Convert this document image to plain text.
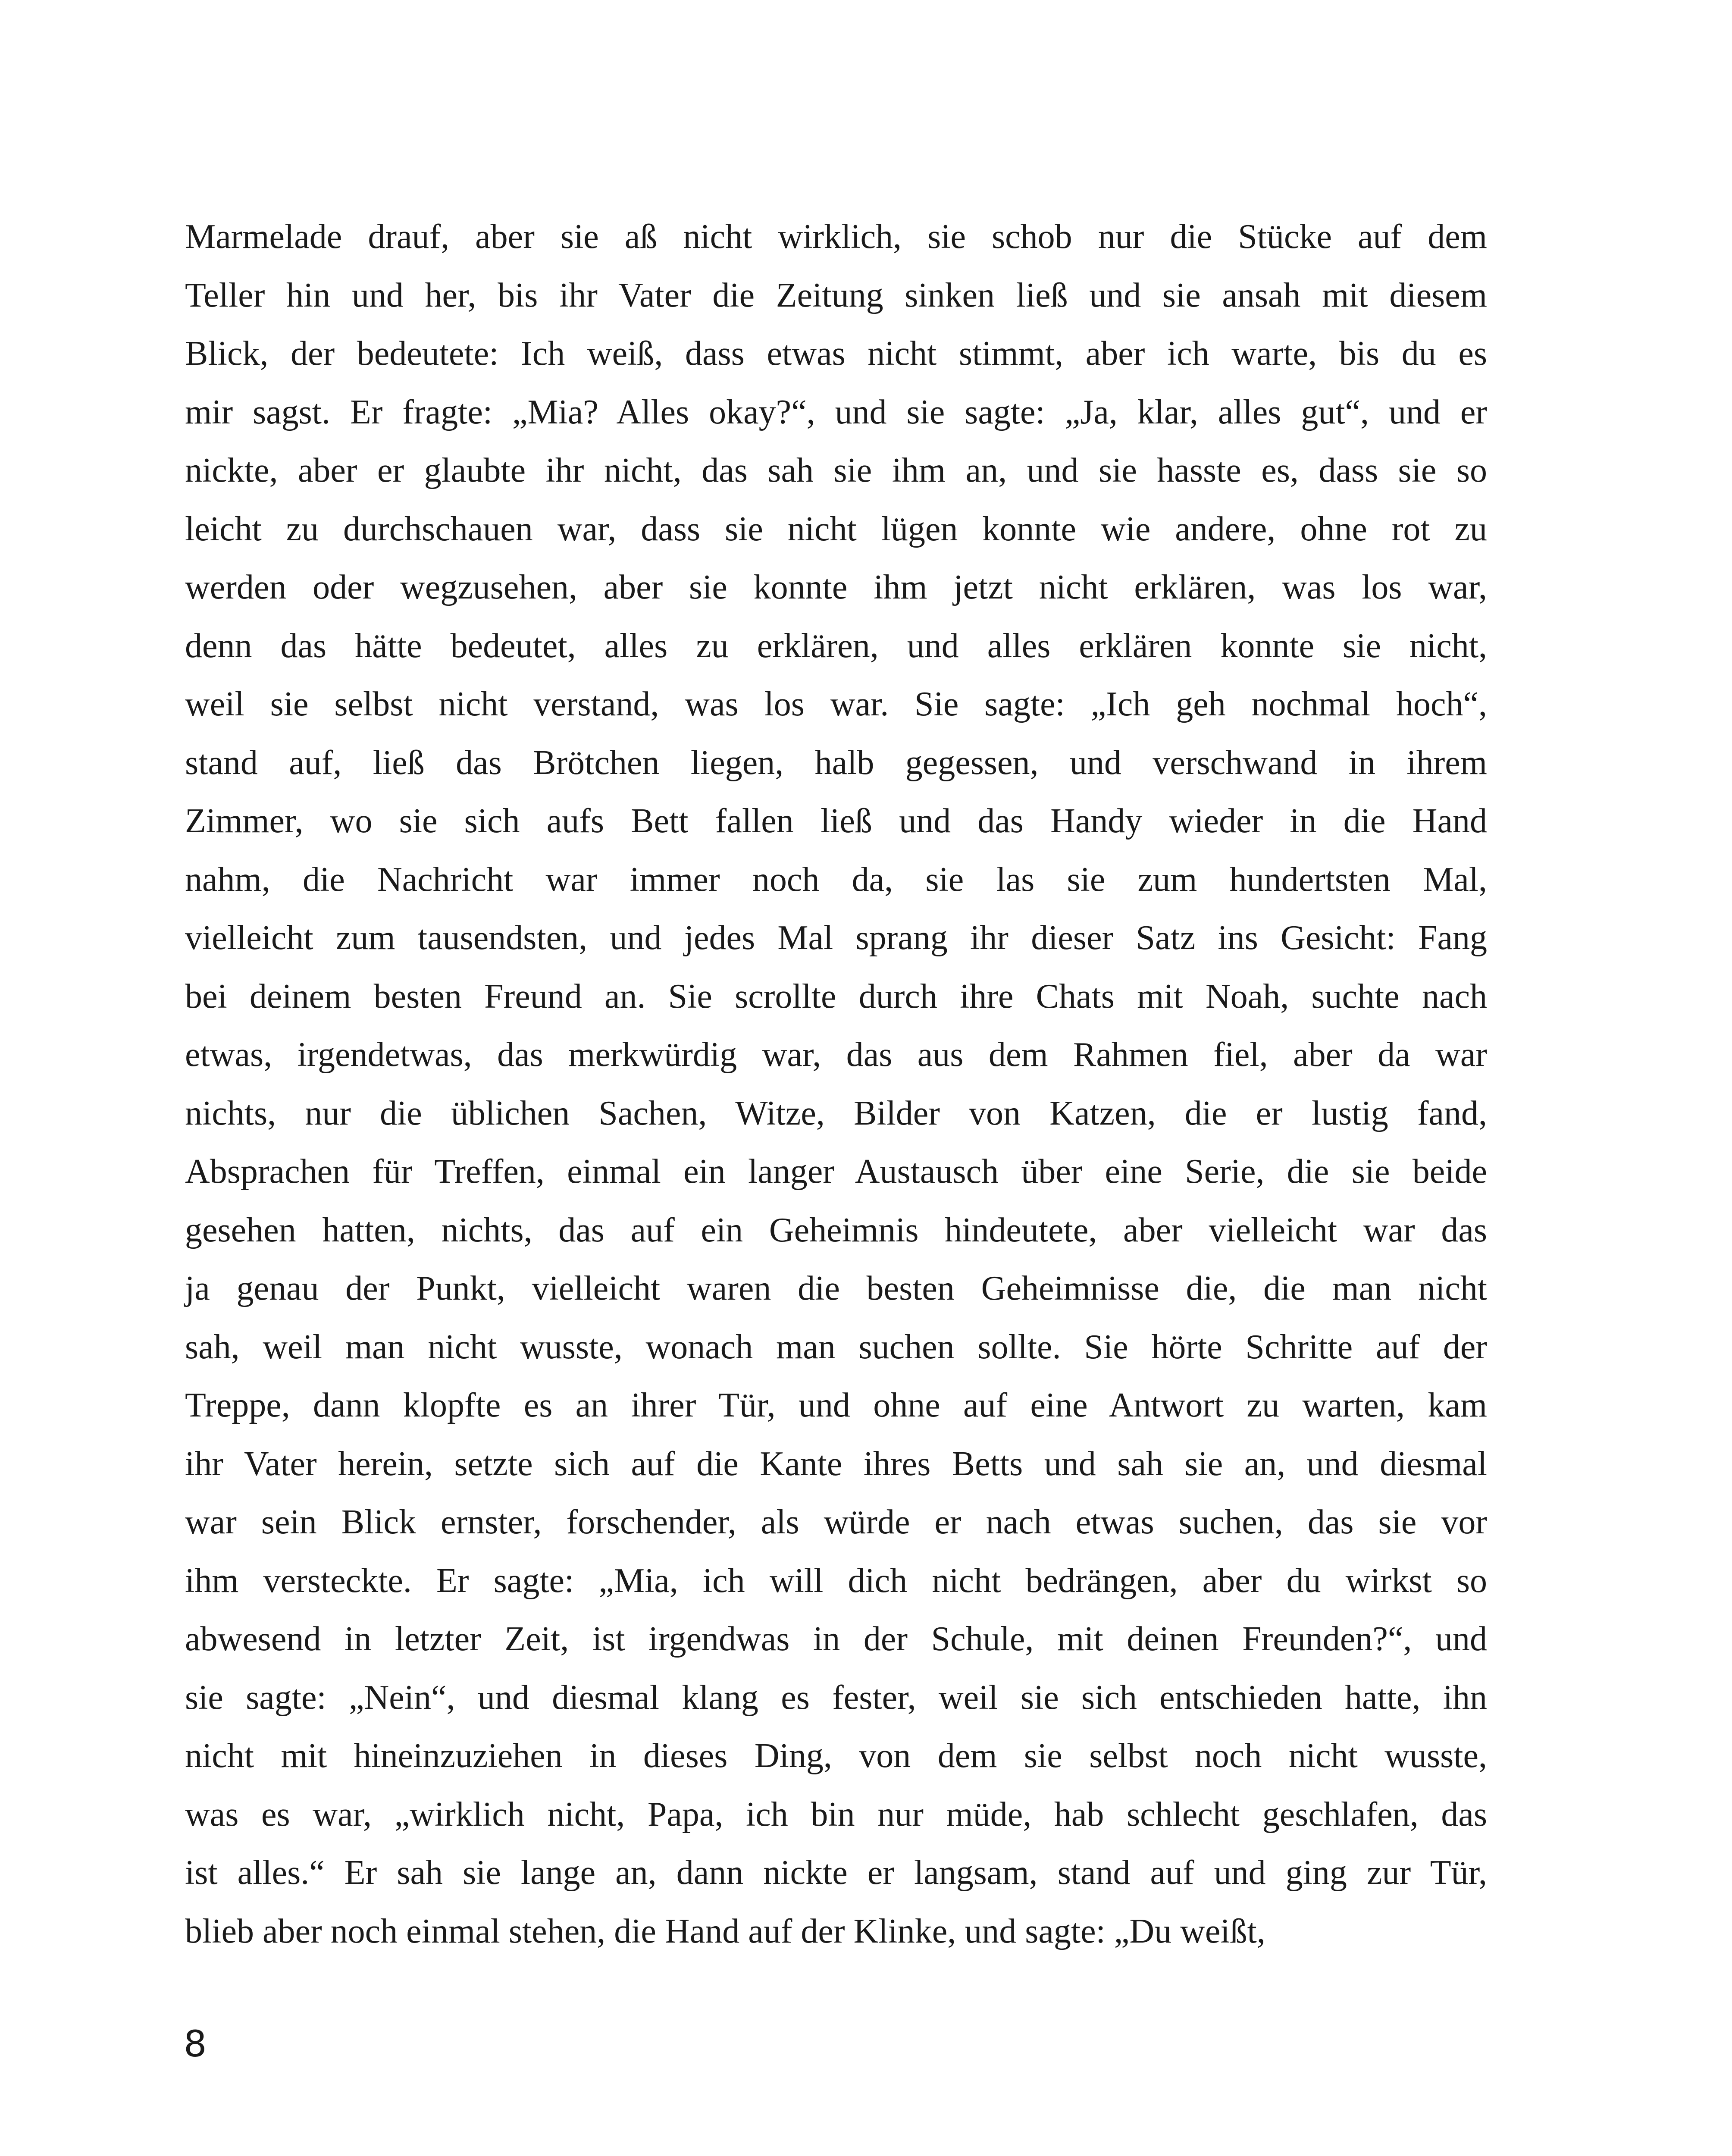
Marmelade drauf, aber sie aß nicht wirklich, sie schob nur die Stücke auf dem
Teller hin und her, bis ihr Vater die Zeitung sinken ließ und sie ansah mit diesem
Blick, der bedeutete: Ich weiß, dass etwas nicht stimmt, aber ich warte, bis du es
mir sagst. Er fragte: „Mia? Alles okay?“, und sie sagte: „Ja, klar, alles gut“, und er
nickte, aber er glaubte ihr nicht, das sah sie ihm an, und sie hasste es, dass sie so
leicht zu durchschauen war, dass sie nicht lügen konnte wie andere, ohne rot zu
werden oder wegzusehen, aber sie konnte ihm jetzt nicht erklären, was los war,
denn das hätte bedeutet, alles zu erklären, und alles erklären konnte sie nicht,
weil sie selbst nicht verstand, was los war. Sie sagte: „Ich geh nochmal hoch“,
stand auf, ließ das Brötchen liegen, halb gegessen, und verschwand in ihrem
Zimmer, wo sie sich aufs Bett fallen ließ und das Handy wieder in die Hand
nahm, die Nachricht war immer noch da, sie las sie zum hundertsten Mal,
vielleicht zum tausendsten, und jedes Mal sprang ihr dieser Satz ins Gesicht: Fang
bei deinem besten Freund an. Sie scrollte durch ihre Chats mit Noah, suchte nach
etwas, irgendetwas, das merkwürdig war, das aus dem Rahmen fiel, aber da war
nichts, nur die üblichen Sachen, Witze, Bilder von Katzen, die er lustig fand,
Absprachen für Treffen, einmal ein langer Austausch über eine Serie, die sie beide
gesehen hatten, nichts, das auf ein Geheimnis hindeutete, aber vielleicht war das
ja genau der Punkt, vielleicht waren die besten Geheimnisse die, die man nicht
sah, weil man nicht wusste, wonach man suchen sollte. Sie hörte Schritte auf der
Treppe, dann klopfte es an ihrer Tür, und ohne auf eine Antwort zu warten, kam
ihr Vater herein, setzte sich auf die Kante ihres Betts und sah sie an, und diesmal
war sein Blick ernster, forschender, als würde er nach etwas suchen, das sie vor
ihm versteckte. Er sagte: „Mia, ich will dich nicht bedrängen, aber du wirkst so
abwesend in letzter Zeit, ist irgendwas in der Schule, mit deinen Freunden?“, und
sie sagte: „Nein“, und diesmal klang es fester, weil sie sich entschieden hatte, ihn
nicht mit hineinzuziehen in dieses Ding, von dem sie selbst noch nicht wusste,
was es war, „wirklich nicht, Papa, ich bin nur müde, hab schlecht geschlafen, das
ist alles.“ Er sah sie lange an, dann nickte er langsam, stand auf und ging zur Tür,
blieb aber noch einmal stehen, die Hand auf der Klinke, und sagte: „Du weißt,
8
